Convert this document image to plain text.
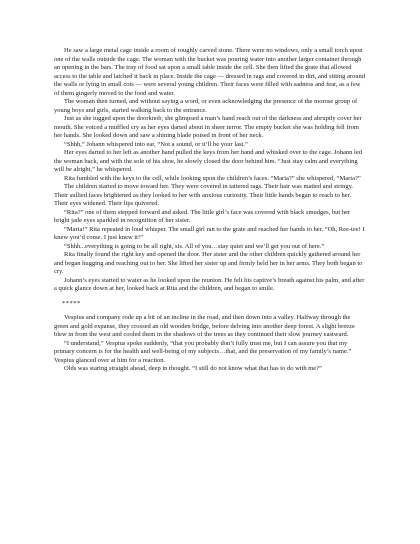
He saw a large metal cage inside a room of roughly carved stone. There were no windows, only a small torch upon one of the walls outside the cage. The woman with the bucket was pouring water into another larger container through an opening in the bars. The tray of food sat upon a small table inside the cell. She then lifted the grate that allowed access to the table and latched it back in place. Inside the cage — dressed in rags and covered in dirt, and sitting around the walls or lying in small cots — were several young children. Their faces were filled with sadness and fear, as a few of them gingerly moved to the food and water.

The woman then turned, and without saying a word, or even acknowledging the presence of the morose group of young boys and girls, started walking back to the entrance.

Just as she tugged upon the doorknob, she glimpsed a man’s hand reach out of the darkness and abruptly cover her mouth. She voiced a muffled cry as her eyes darted about in sheer terror. The empty bucket she was holding fell from her hands. She looked down and saw a shining blade poised in front of her neck.

“Shhh,” Johann whispered into ear, “Not a sound, or it’ll be your last.”

Her eyes darted to her left as another hand pulled the keys from her hand and whisked over to the cage. Johann led the woman back, and with the sole of his shoe, he slowly closed the door behind him. “Just stay calm and everything will be alright,” he whispered.

Rita fumbled with the keys to the cell, while looking upon the children’s faces. “Maria?” she whispered, “Maria?”

The children started to move toward her. They were covered in tattered rags. Their hair was matted and stringy. Their sullied faces brightened as they looked to her with anxious curiosity. Their little hands began to reach to her. Their eyes widened. Their lips quivered.

“Rita?” one of them stepped forward and asked. The little girl’s face was covered with black smudges, but her bright jade eyes sparkled in recognition of her sister.

“Maria!” Rita repeated in loud whisper. The small girl ran to the grate and reached her hands to her. “Oh, Ree-tee! I knew you’d come. I just knew it!”

“Shhh...everything is going to be all right, sis. All of you…stay quiet and we’ll get you out of here.”

Rita finally found the right key and opened the door. Her sister and the other children quickly gathered around her and began hugging and reaching out to her. She lifted her sister up and firmly held her in her arms. They both began to cry.

Johann’s eyes started to water as he looked upon the reunion. He felt his captive’s breath against his palm, and after a quick glance down at her, looked back at Rita and the children, and began to smile.

*****

Vespius and company rode up a bit of an incline in the road, and then down into a valley. Halfway through the green and gold expanse, they crossed an old wooden bridge, before delving into another deep forest. A slight breeze blew in from the west and cooled them in the shadows of the trees as they continued their slow journey eastward.

“I understand,” Vespius spoke suddenly, “that you probably don’t fully trust me, but I can assure you that my primary concern is for the health and well-being of my subjects…that, and the preservation of my family’s name.” Vespius glanced over at him for a reaction.

Olds was staring straight ahead, deep in thought. “I still do not know what that has to do with me?”
